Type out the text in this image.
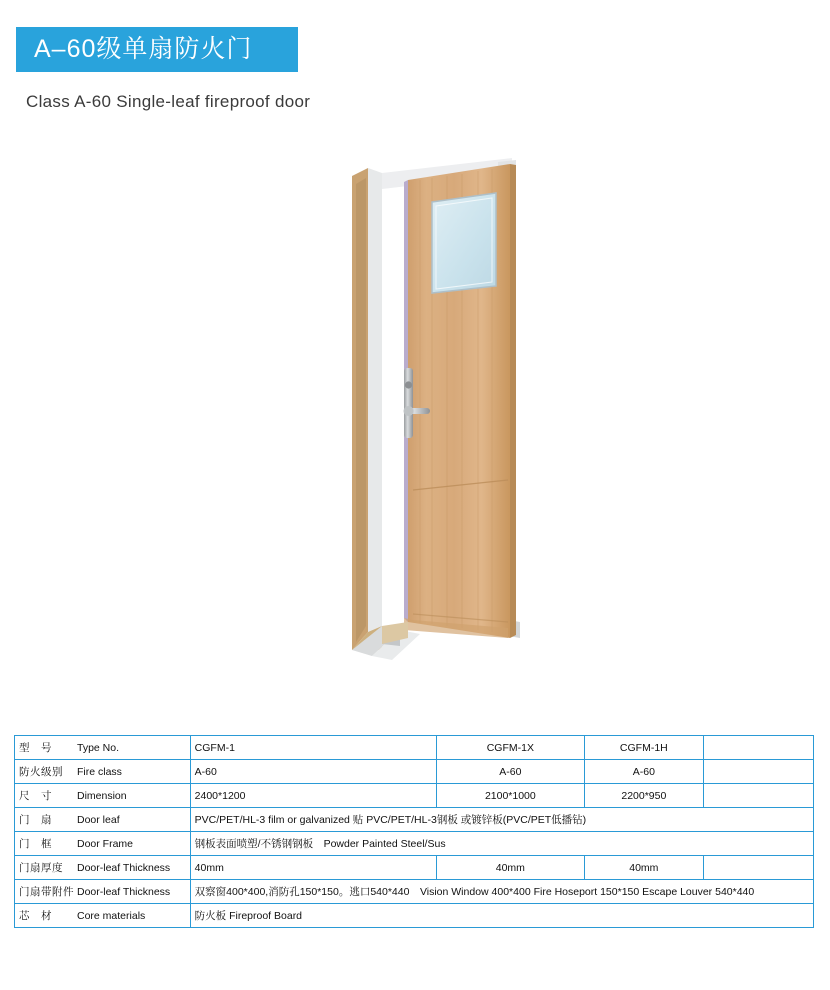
A–60级单扇防火门
Class A-60 Single-leaf fireproof door
型　号 Type No.	CGFM-1	CGFM-1X	CGFM-1H	
防火级别 Fire class	A-60	A-60	A-60	
尺　寸 Dimension	2400*1200	2100*1000	2200*950	
门　扇 Door leaf	PVC/PET/HL-3 film or galvanized 贴 PVC/PET/HL-3钢板 或镀锌板(PVC/PET低播钻)			
门　框 Door Frame	钢板表面喷塑/不锈钢钢板　Powder Painted Steel/Sus			
门扇厚度 Door-leaf Thickness	40mm	40mm	40mm	
门扇带附件 Door-leaf Thickness	双察窗400*400,消防孔150*150。逃口540*440　Vision Window 400*400 Fire Hoseport 150*150 Escape Louver 540*440			
芯　材 Core materials	防火板 Fireproof Board			
